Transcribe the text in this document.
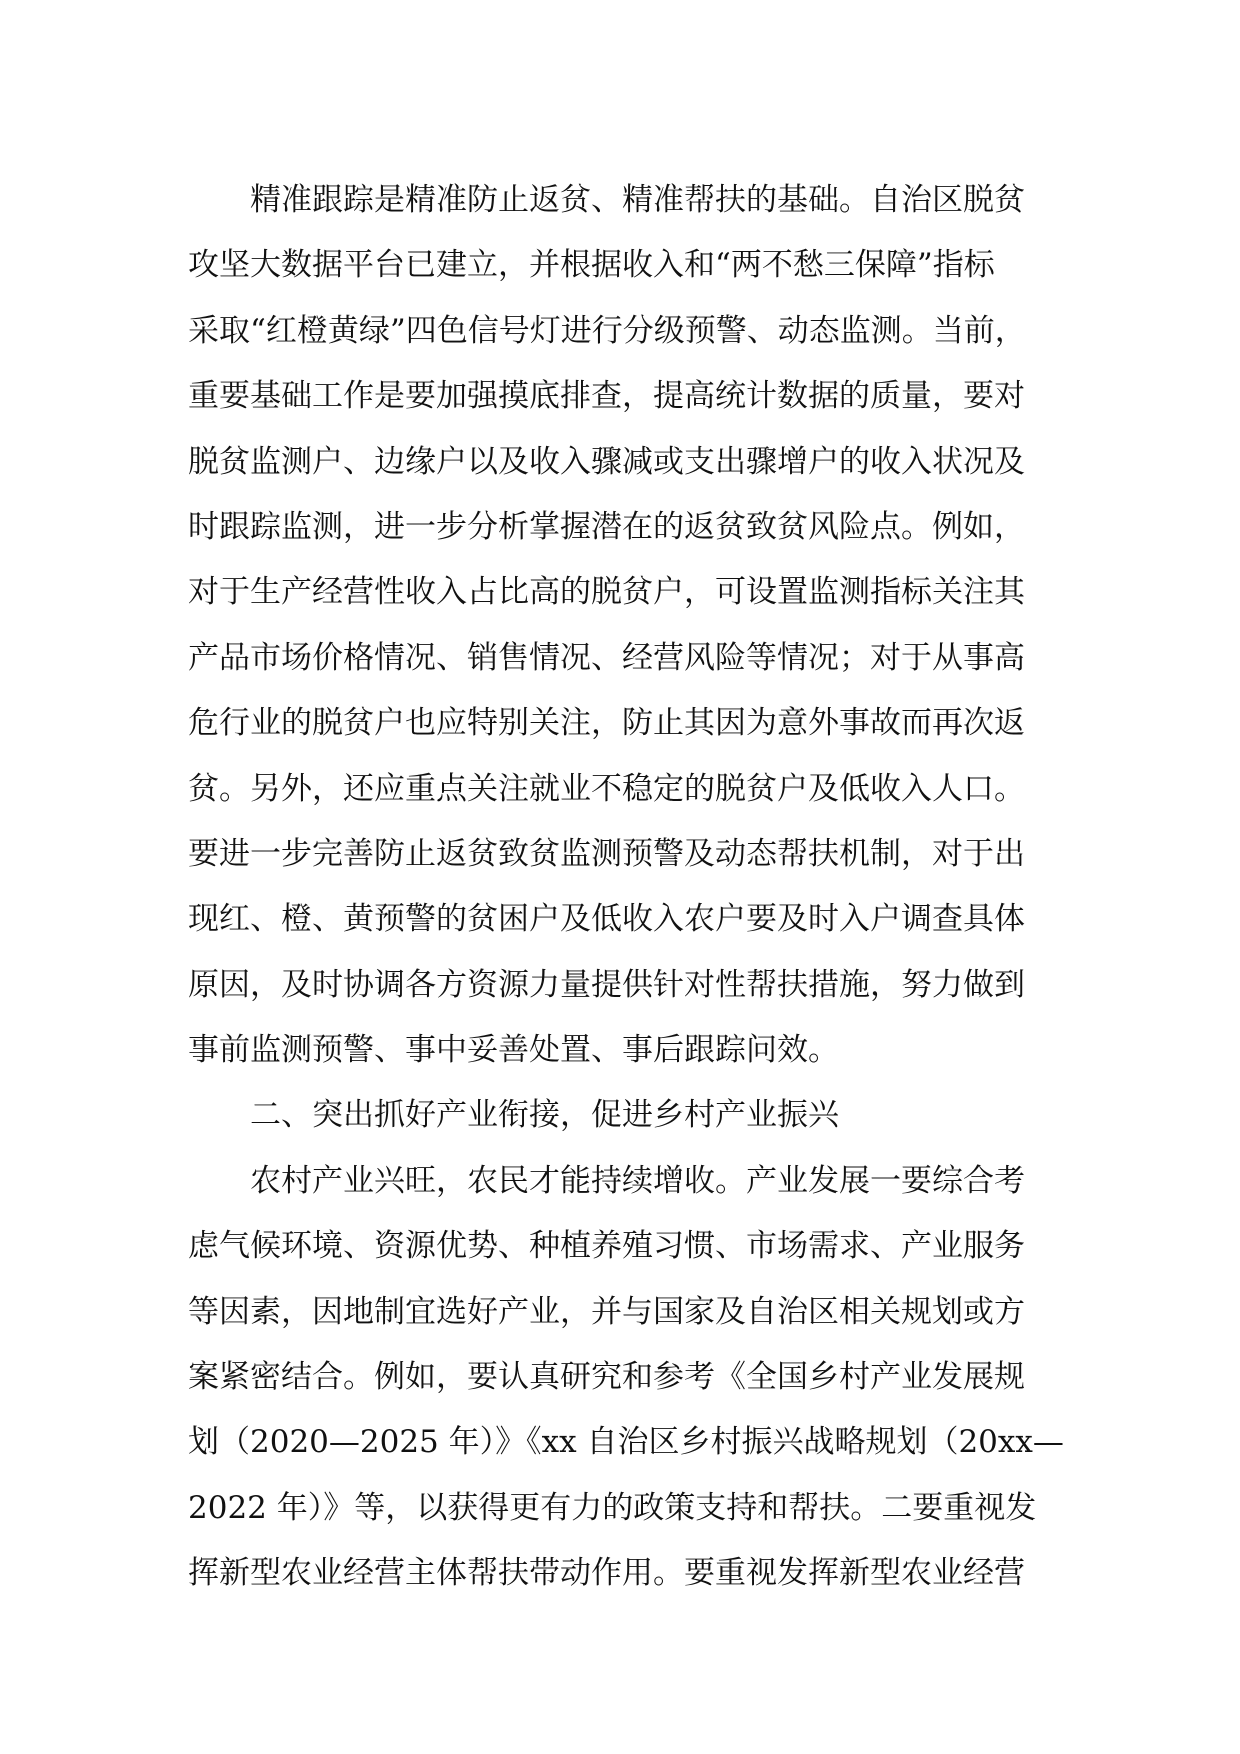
精准跟踪是精准防止返贫、精准帮扶的基础。自治区脱贫
攻坚大数据平台已建立，并根据收入和“两不愁三保障”指标
采取“红橙黄绿”四色信号灯进行分级预警、动态监测。当前，
重要基础工作是要加强摸底排查，提高统计数据的质量，要对
脱贫监测户、边缘户以及收入骤减或支出骤增户的收入状况及
时跟踪监测，进一步分析掌握潜在的返贫致贫风险点。例如，
对于生产经营性收入占比高的脱贫户，可设置监测指标关注其
产品市场价格情况、销售情况、经营风险等情况；对于从事高
危行业的脱贫户也应特别关注，防止其因为意外事故而再次返
贫。另外，还应重点关注就业不稳定的脱贫户及低收入人口。
要进一步完善防止返贫致贫监测预警及动态帮扶机制，对于出
现红、橙、黄预警的贫困户及低收入农户要及时入户调查具体
原因，及时协调各方资源力量提供针对性帮扶措施，努力做到
事前监测预警、事中妥善处置、事后跟踪问效。
二、突出抓好产业衔接，促进乡村产业振兴
农村产业兴旺，农民才能持续增收。产业发展一要综合考
虑气候环境、资源优势、种植养殖习惯、市场需求、产业服务
等因素，因地制宜选好产业，并与国家及自治区相关规划或方
案紧密结合。例如，要认真研究和参考《全国乡村产业发展规
划（2020—2025 年）》《xx 自治区乡村振兴战略规划（20xx—
2022 年）》等，以获得更有力的政策支持和帮扶。二要重视发
挥新型农业经营主体帮扶带动作用。要重视发挥新型农业经营
